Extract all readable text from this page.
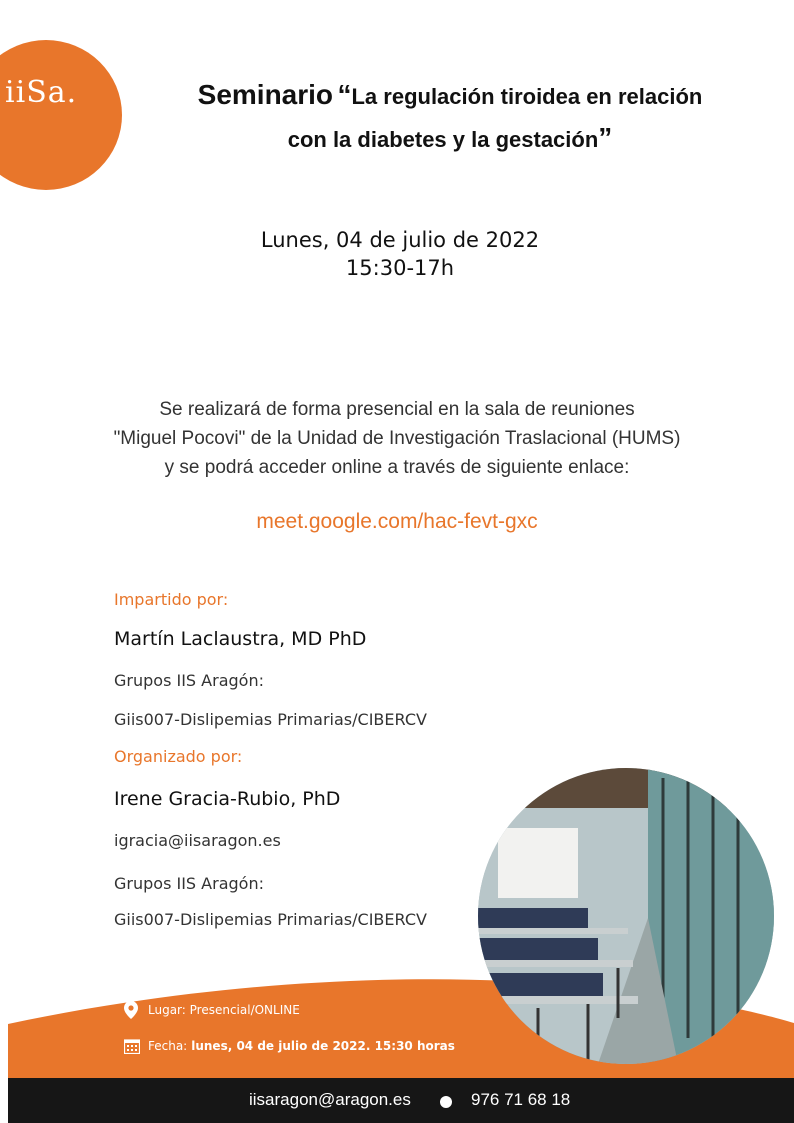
iiSa.	Seminario “La regulación tiroidea en relación
con la diabetes y la gestación”
Lunes, 04 de julio de 2022
15:30-17h
Se realizará de forma presencial en la sala de reuniones
"Miguel Pocovi" de la Unidad de Investigación Traslacional (HUMS)
y se podrá acceder online a través de siguiente enlace:
meet.google.com/hac-fevt-gxc
Impartido por:
Martín Laclaustra, MD PhD
Grupos IIS Aragón:
Giis007-Dislipemias Primarias/CIBERCV
Organizado por:
Irene Gracia-Rubio, PhD
igracia@iisaragon.es
Grupos IIS Aragón:
Giis007-Dislipemias Primarias/CIBERCV
Lugar: Presencial/ONLINE
Fecha: lunes, 04 de julio de 2022. 15:30 horas
iisaragon@aragon.es	976 71 68 18
